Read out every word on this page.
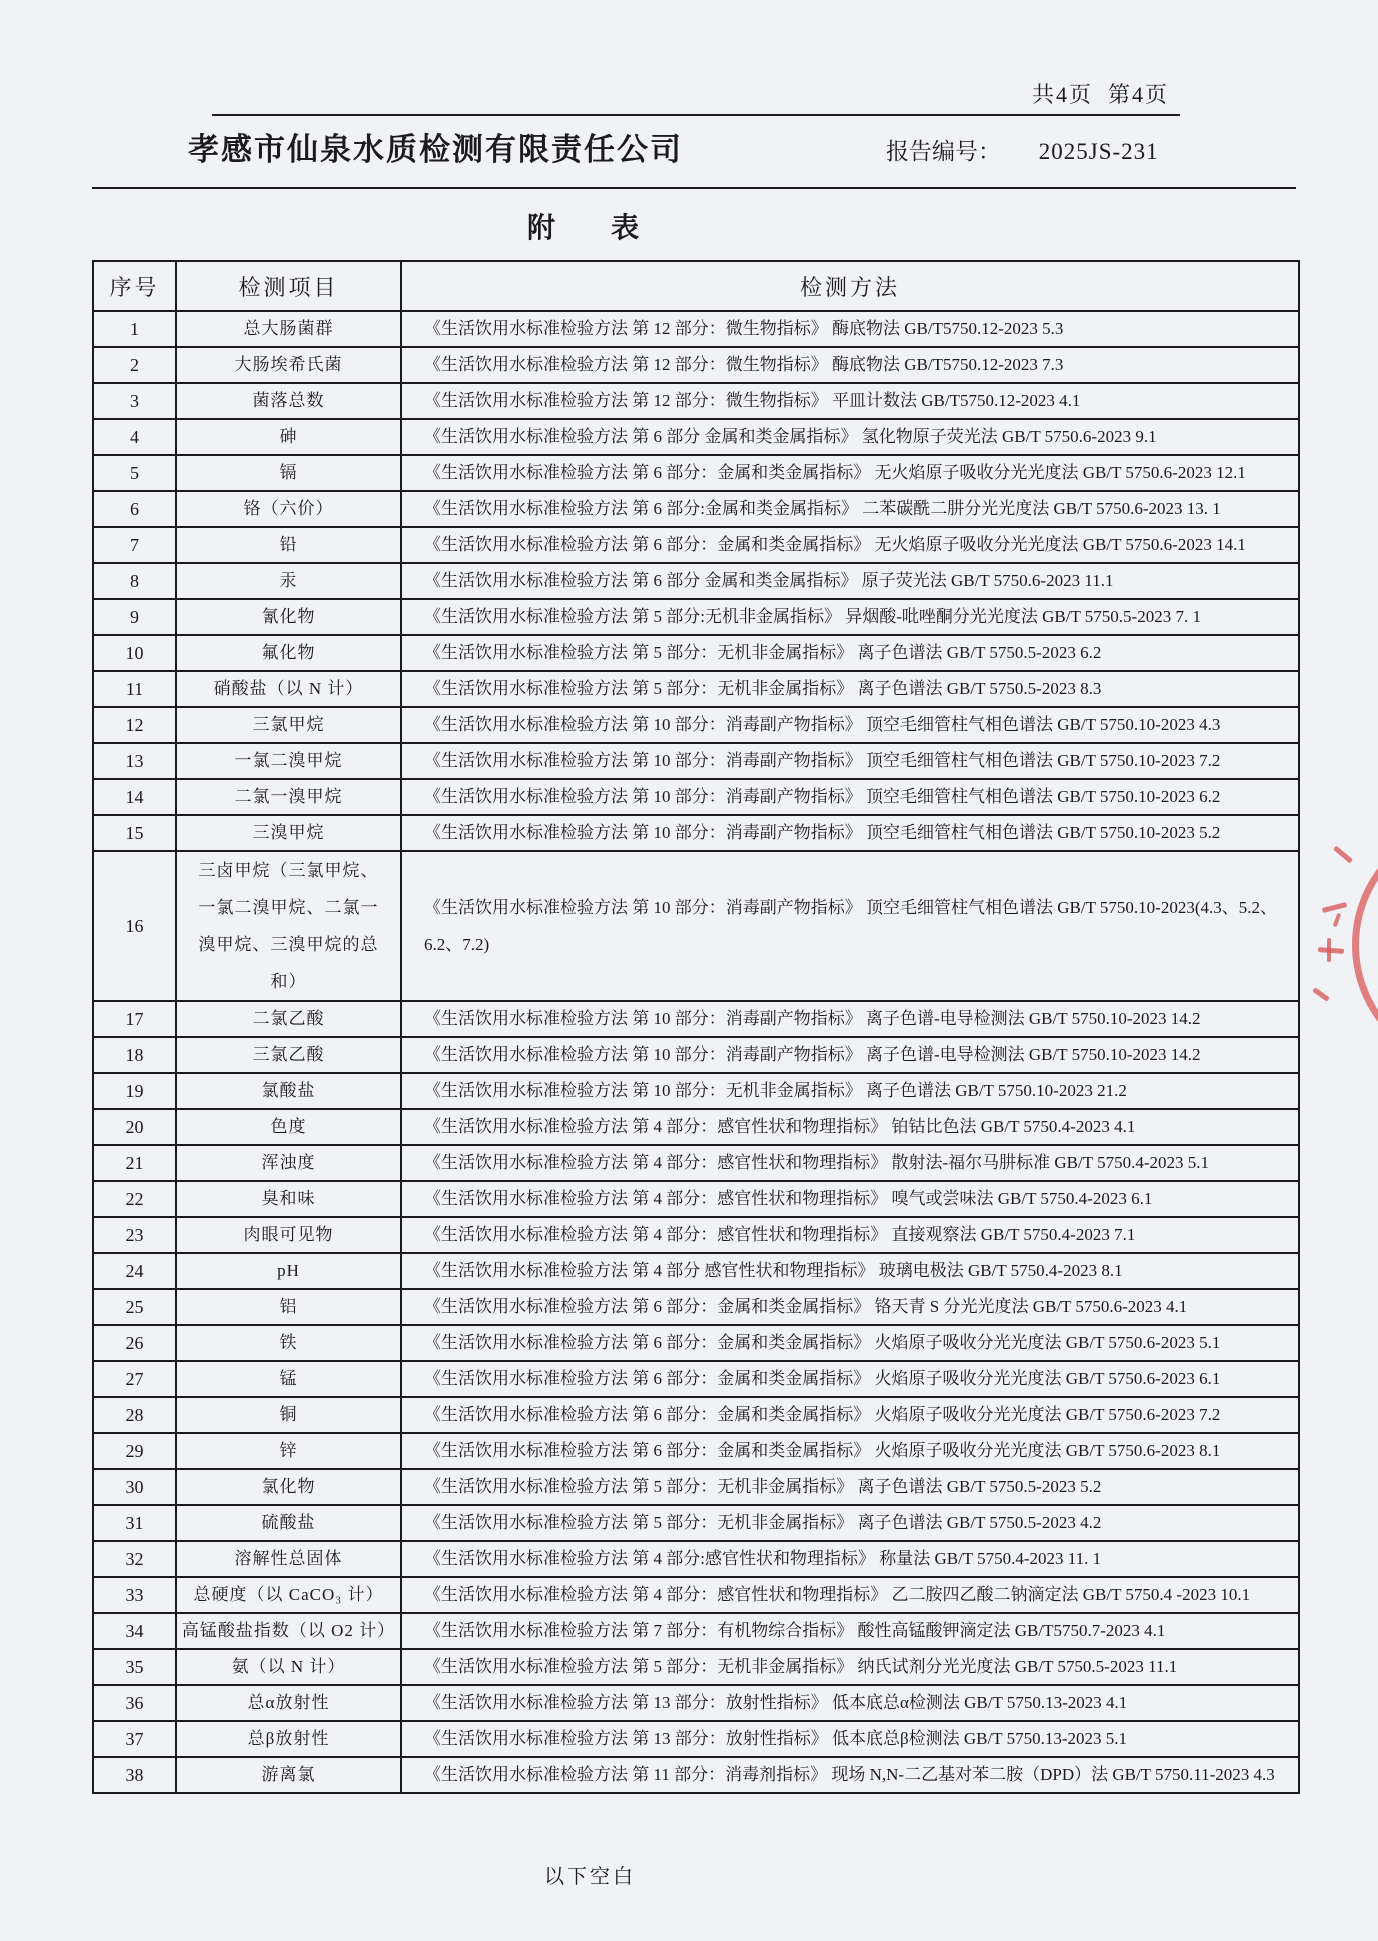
共4页  第4页
孝感市仙泉水质检测有限责任公司	报告编号： 2025JS-231
附        表
序号	检测项目	检测方法
1	总大肠菌群	《生活饮用水标准检验方法 第 12 部分：微生物指标》 酶底物法 GB/T5750.12-2023 5.3
2	大肠埃希氏菌	《生活饮用水标准检验方法 第 12 部分：微生物指标》 酶底物法 GB/T5750.12-2023 7.3
3	菌落总数	《生活饮用水标准检验方法 第 12 部分：微生物指标》 平皿计数法 GB/T5750.12-2023 4.1
4	砷	《生活饮用水标准检验方法 第 6 部分 金属和类金属指标》 氢化物原子荧光法 GB/T 5750.6-2023 9.1
5	镉	《生活饮用水标准检验方法 第 6 部分：金属和类金属指标》 无火焰原子吸收分光光度法 GB/T 5750.6-2023 12.1
6	铬（六价）	《生活饮用水标准检验方法 第 6 部分:金属和类金属指标》 二苯碳酰二肼分光光度法 GB/T 5750.6-2023 13. 1
7	铅	《生活饮用水标准检验方法 第 6 部分：金属和类金属指标》 无火焰原子吸收分光光度法 GB/T 5750.6-2023 14.1
8	汞	《生活饮用水标准检验方法 第 6 部分 金属和类金属指标》 原子荧光法 GB/T 5750.6-2023 11.1
9	氰化物	《生活饮用水标准检验方法 第 5 部分:无机非金属指标》 异烟酸-吡唑酮分光光度法 GB/T 5750.5-2023 7. 1
10	氟化物	《生活饮用水标准检验方法 第 5 部分：无机非金属指标》 离子色谱法 GB/T 5750.5-2023 6.2
11	硝酸盐（以 N 计）	《生活饮用水标准检验方法 第 5 部分：无机非金属指标》 离子色谱法 GB/T 5750.5-2023 8.3
12	三氯甲烷	《生活饮用水标准检验方法 第 10 部分：消毒副产物指标》 顶空毛细管柱气相色谱法 GB/T 5750.10-2023 4.3
13	一氯二溴甲烷	《生活饮用水标准检验方法 第 10 部分：消毒副产物指标》 顶空毛细管柱气相色谱法 GB/T 5750.10-2023 7.2
14	二氯一溴甲烷	《生活饮用水标准检验方法 第 10 部分：消毒副产物指标》 顶空毛细管柱气相色谱法 GB/T 5750.10-2023 6.2
15	三溴甲烷	《生活饮用水标准检验方法 第 10 部分：消毒副产物指标》 顶空毛细管柱气相色谱法 GB/T 5750.10-2023 5.2
16	三卤甲烷（三氯甲烷、一氯二溴甲烷、二氯一溴甲烷、三溴甲烷的总和）	《生活饮用水标准检验方法 第 10 部分：消毒副产物指标》 顶空毛细管柱气相色谱法 GB/T 5750.10-2023(4.3、5.2、6.2、7.2)
17	二氯乙酸	《生活饮用水标准检验方法 第 10 部分：消毒副产物指标》 离子色谱-电导检测法 GB/T 5750.10-2023 14.2
18	三氯乙酸	《生活饮用水标准检验方法 第 10 部分：消毒副产物指标》 离子色谱-电导检测法 GB/T 5750.10-2023 14.2
19	氯酸盐	《生活饮用水标准检验方法 第 10 部分：无机非金属指标》 离子色谱法 GB/T 5750.10-2023 21.2
20	色度	《生活饮用水标准检验方法 第 4 部分：感官性状和物理指标》 铂钴比色法 GB/T 5750.4-2023 4.1
21	浑浊度	《生活饮用水标准检验方法 第 4 部分：感官性状和物理指标》 散射法-福尔马肼标准 GB/T 5750.4-2023 5.1
22	臭和味	《生活饮用水标准检验方法 第 4 部分：感官性状和物理指标》 嗅气或尝味法 GB/T 5750.4-2023 6.1
23	肉眼可见物	《生活饮用水标准检验方法 第 4 部分：感官性状和物理指标》 直接观察法 GB/T 5750.4-2023 7.1
24	pH	《生活饮用水标准检验方法 第 4 部分 感官性状和物理指标》 玻璃电极法 GB/T 5750.4-2023 8.1
25	铝	《生活饮用水标准检验方法 第 6 部分：金属和类金属指标》 铬天青 S 分光光度法 GB/T 5750.6-2023 4.1
26	铁	《生活饮用水标准检验方法 第 6 部分：金属和类金属指标》 火焰原子吸收分光光度法 GB/T 5750.6-2023 5.1
27	锰	《生活饮用水标准检验方法 第 6 部分：金属和类金属指标》 火焰原子吸收分光光度法 GB/T 5750.6-2023 6.1
28	铜	《生活饮用水标准检验方法 第 6 部分：金属和类金属指标》 火焰原子吸收分光光度法 GB/T 5750.6-2023 7.2
29	锌	《生活饮用水标准检验方法 第 6 部分：金属和类金属指标》 火焰原子吸收分光光度法 GB/T 5750.6-2023 8.1
30	氯化物	《生活饮用水标准检验方法 第 5 部分：无机非金属指标》 离子色谱法 GB/T 5750.5-2023 5.2
31	硫酸盐	《生活饮用水标准检验方法 第 5 部分：无机非金属指标》 离子色谱法 GB/T 5750.5-2023 4.2
32	溶解性总固体	《生活饮用水标准检验方法 第 4 部分:感官性状和物理指标》 称量法 GB/T 5750.4-2023 11. 1
33	总硬度（以 CaCO₃ 计）	《生活饮用水标准检验方法 第 4 部分：感官性状和物理指标》 乙二胺四乙酸二钠滴定法 GB/T 5750.4 -2023 10.1
34	高锰酸盐指数（以 O2 计）	《生活饮用水标准检验方法 第 7 部分：有机物综合指标》 酸性高锰酸钾滴定法 GB/T5750.7-2023 4.1
35	氨（以 N 计）	《生活饮用水标准检验方法 第 5 部分：无机非金属指标》 纳氏试剂分光光度法 GB/T 5750.5-2023 11.1
36	总α放射性	《生活饮用水标准检验方法 第 13 部分：放射性指标》 低本底总α检测法 GB/T 5750.13-2023 4.1
37	总β放射性	《生活饮用水标准检验方法 第 13 部分：放射性指标》 低本底总β检测法 GB/T 5750.13-2023 5.1
38	游离氯	《生活饮用水标准检验方法 第 11 部分：消毒剂指标》 现场 N,N-二乙基对苯二胺（DPD）法 GB/T 5750.11-2023 4.3
以下空白
